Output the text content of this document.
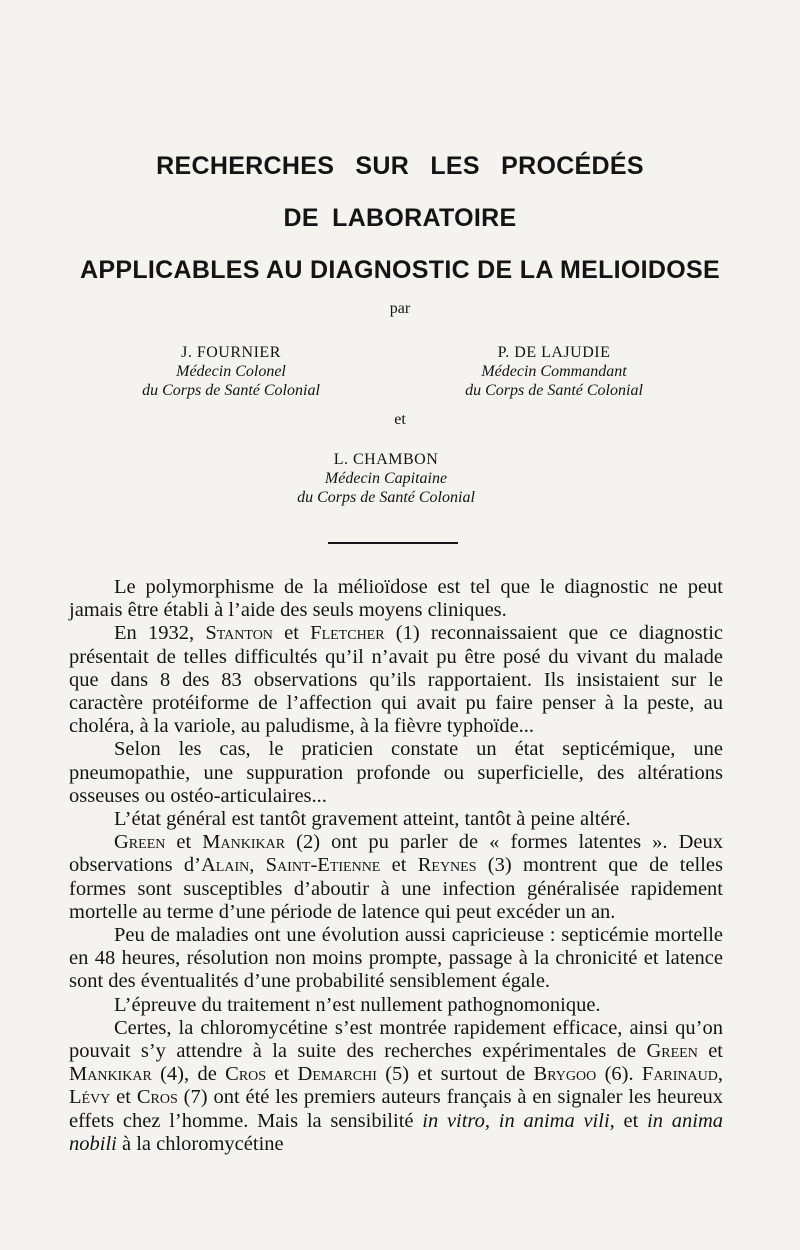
RECHERCHES SUR LES PROCÉDÉS
DE LABORATOIRE
APPLICABLES AU DIAGNOSTIC DE LA MELIOIDOSE
par
J. FOURNIER
Médecin Colonel
du Corps de Santé Colonial
P. DE LAJUDIE
Médecin Commandant
du Corps de Santé Colonial
et
L. CHAMBON
Médecin Capitaine
du Corps de Santé Colonial

Le polymorphisme de la mélioïdose est tel que le diagnostic ne peut jamais être établi à l’aide des seuls moyens cliniques.

En 1932, Stanton et Fletcher (1) reconnaissaient que ce diagnostic présentait de telles difficultés qu’il n’avait pu être posé du vivant du malade que dans 8 des 83 observations qu’ils rapportaient. Ils insistaient sur le caractère protéiforme de l’affection qui avait pu faire penser à la peste, au choléra, à la variole, au paludisme, à la fièvre typhoïde...

Selon les cas, le praticien constate un état septicémique, une pneumopathie, une suppuration profonde ou superficielle, des altérations osseuses ou ostéo-articulaires...

L’état général est tantôt gravement atteint, tantôt à peine altéré.

Green et Mankikar (2) ont pu parler de « formes latentes ». Deux observations d’Alain, Saint-Etienne et Reynes (3) montrent que de telles formes sont susceptibles d’aboutir à une infection généralisée rapidement mortelle au terme d’une période de latence qui peut excéder un an.

Peu de maladies ont une évolution aussi capricieuse : septicémie mortelle en 48 heures, résolution non moins prompte, passage à la chronicité et latence sont des éventualités d’une probabilité sensiblement égale.

L’épreuve du traitement n’est nullement pathognomonique.

Certes, la chloromycétine s’est montrée rapidement efficace, ainsi qu’on pouvait s’y attendre à la suite des recherches expérimentales de Green et Mankikar (4), de Cros et Demarchi (5) et surtout de Brygoo (6). Farinaud, Lévy et Cros (7) ont été les premiers auteurs français à en signaler les heureux effets chez l’homme. Mais la sensibilité in vitro, in anima vili, et in anima nobili à la chloromycétine
